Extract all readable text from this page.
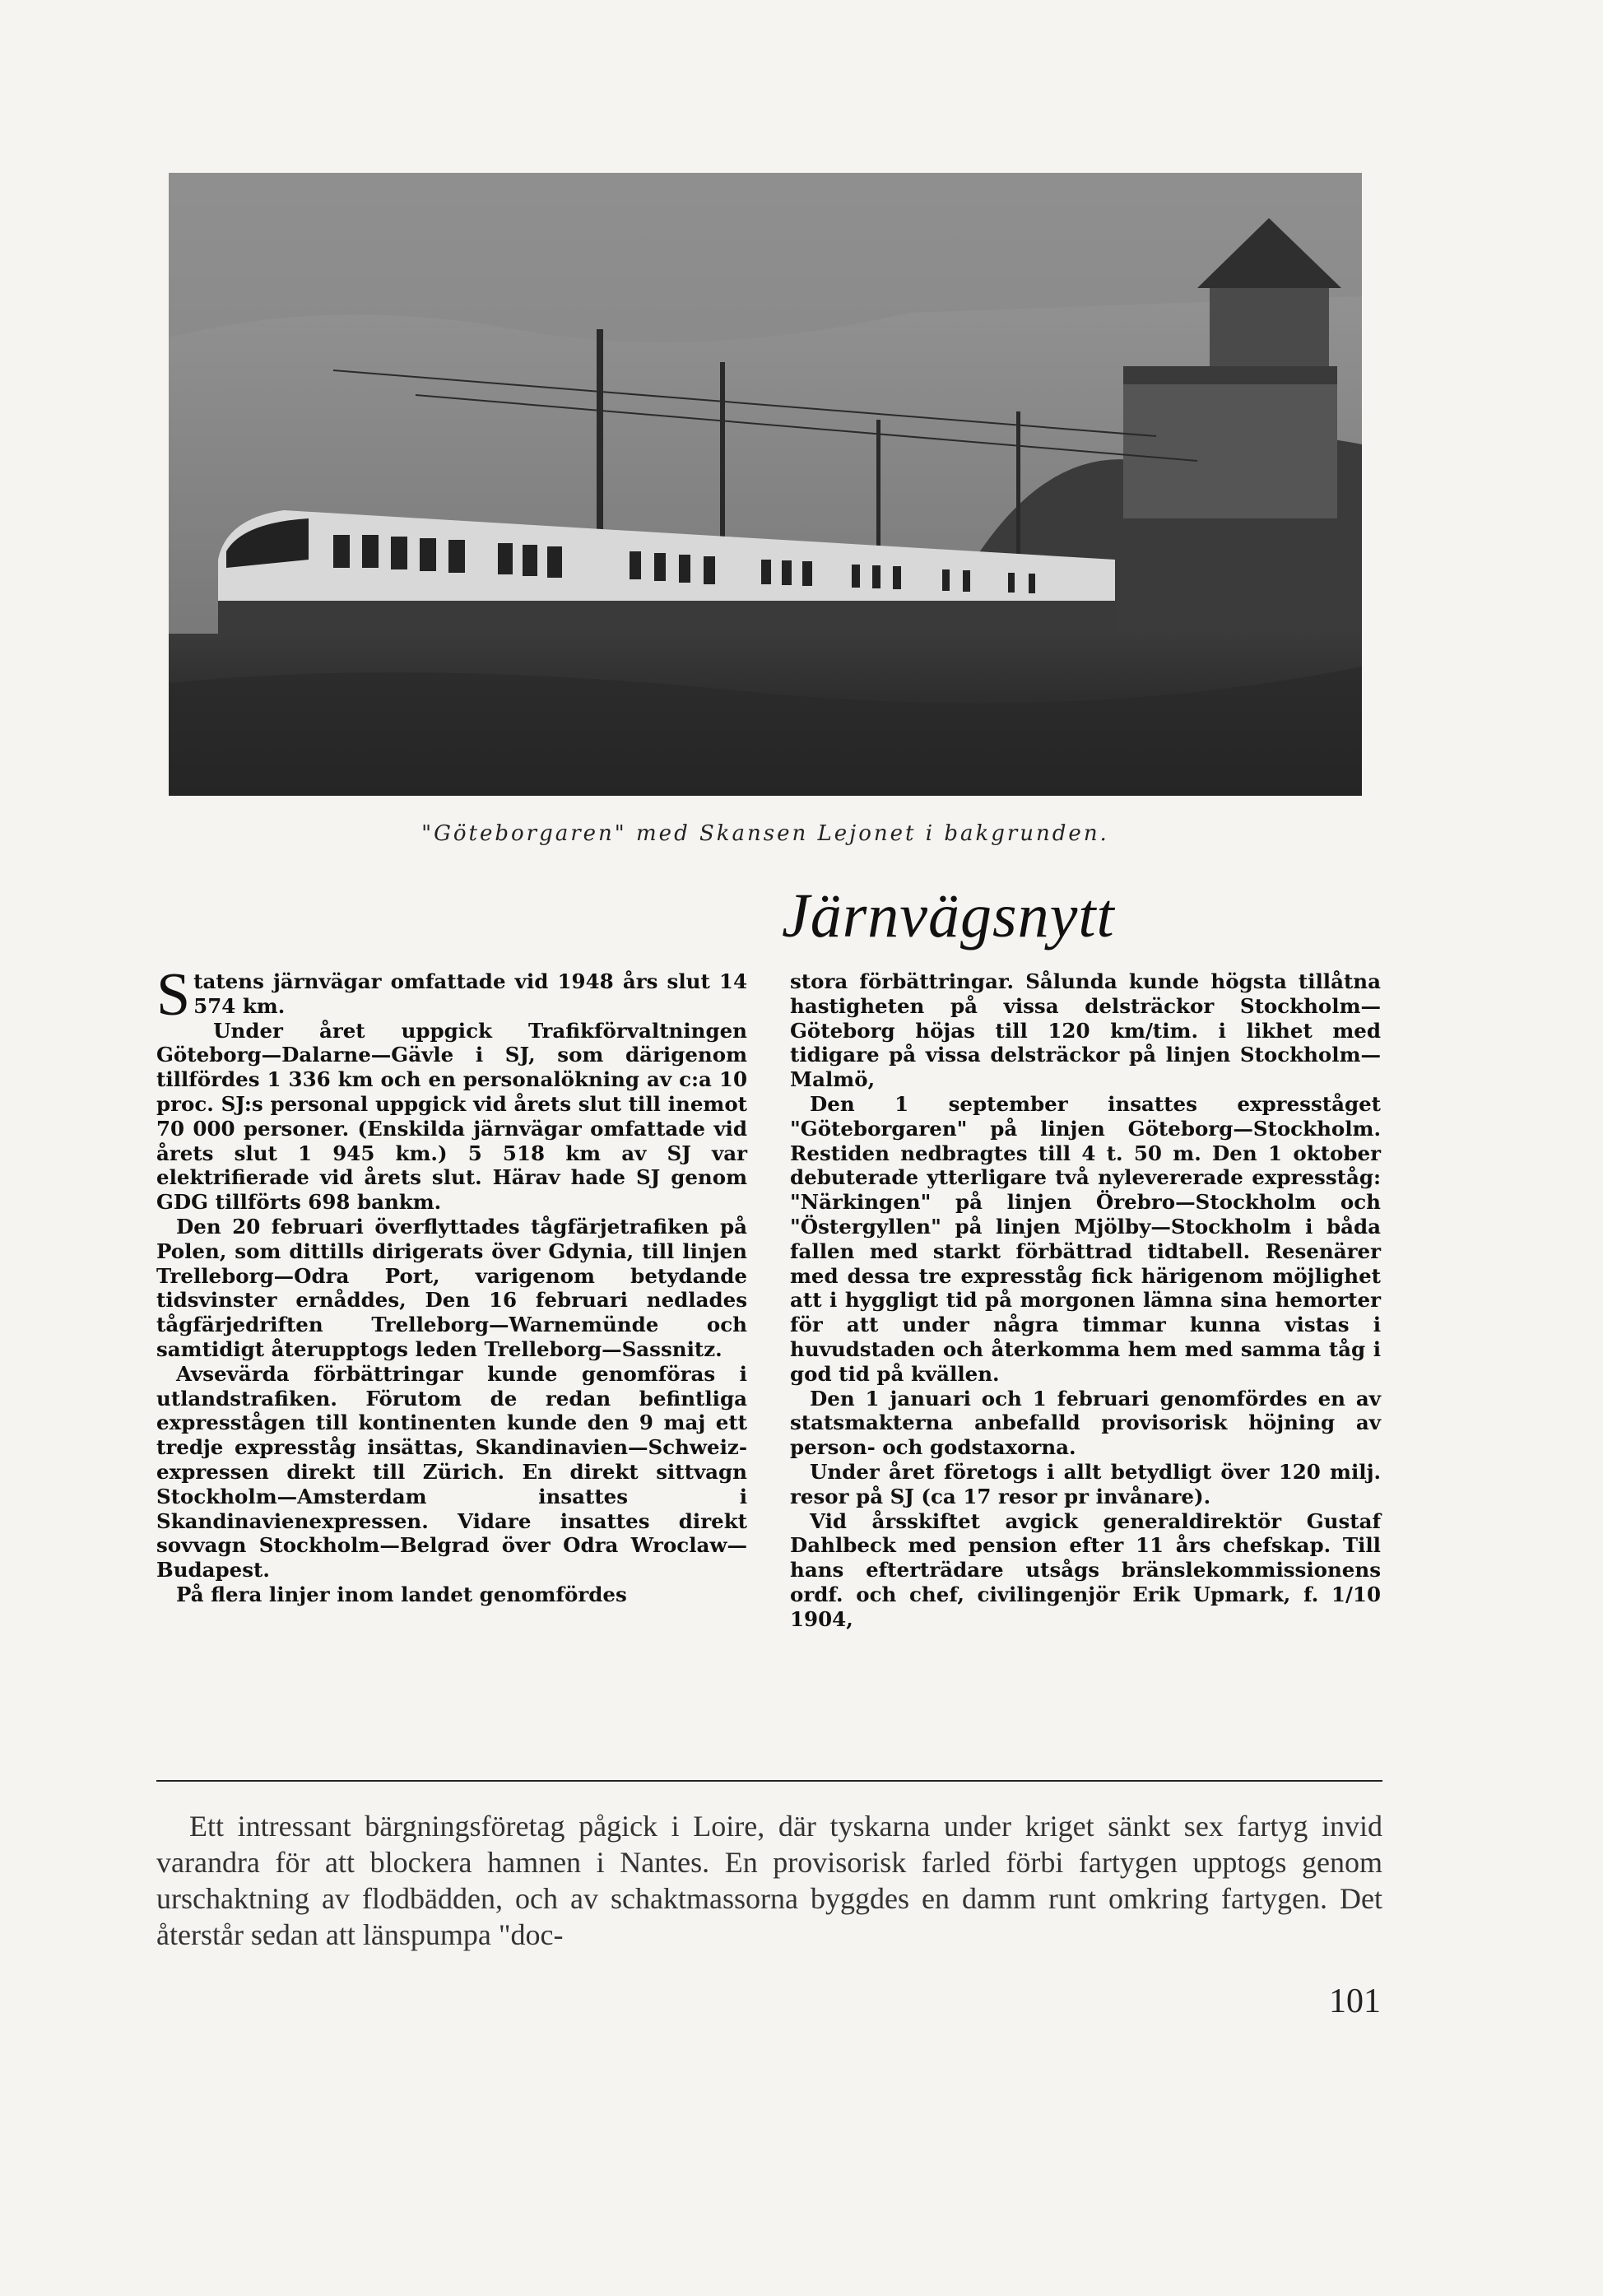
"Göteborgaren" med Skansen Lejonet i bakgrunden.
Järnvägsnytt

Statens järnvägar omfattade vid 1948 års slut 14 574 km.

Under året uppgick Trafikförvaltningen Göteborg—Dalarne—Gävle i SJ, som därigenom tillfördes 1 336 km och en personalökning av c:a 10 proc. SJ:s personal uppgick vid årets slut till inemot 70 000 personer. (Enskilda järnvägar omfattade vid årets slut 1 945 km.) 5 518 km av SJ var elektrifierade vid årets slut. Härav hade SJ genom GDG tillförts 698 bankm.

Den 20 februari överflyttades tågfärjetrafiken på Polen, som dittills dirigerats över Gdynia, till linjen Trelleborg—Odra Port, varigenom betydande tidsvinster ernåddes, Den 16 februari nedlades tågfärjedriften Trelleborg—Warnemünde och samtidigt återupptogs leden Trelleborg—Sassnitz.

Avsevärda förbättringar kunde genomföras i utlandstrafiken. Förutom de redan befintliga expresstågen till kontinenten kunde den 9 maj ett tredje expresståg insättas, Skandinavien—Schweiz-expressen direkt till Zürich. En direkt sittvagn Stockholm—Amsterdam insattes i Skandinavienexpressen. Vidare insattes direkt sovvagn Stockholm—Belgrad över Odra Wroclaw—Budapest.

På flera linjer inom landet genomfördes

stora förbättringar. Sålunda kunde högsta tillåtna hastigheten på vissa delsträckor Stockholm—Göteborg höjas till 120 km/tim. i likhet med tidigare på vissa delsträckor på linjen Stockholm—Malmö,

Den 1 september insattes expresståget "Göteborgaren" på linjen Göteborg—Stockholm. Restiden nedbragtes till 4 t. 50 m. Den 1 oktober debuterade ytterligare två nylevererade expresståg: "Närkingen" på linjen Örebro—Stockholm och "Östergyllen" på linjen Mjölby—Stockholm i båda fallen med starkt förbättrad tidtabell. Resenärer med dessa tre expresståg fick härigenom möjlighet att i hyggligt tid på morgonen lämna sina hemorter för att under några timmar kunna vistas i huvudstaden och återkomma hem med samma tåg i god tid på kvällen.

Den 1 januari och 1 februari genomfördes en av statsmakterna anbefalld provisorisk höjning av person- och godstaxorna.

Under året företogs i allt betydligt över 120 milj. resor på SJ (ca 17 resor pr invånare).

Vid årsskiftet avgick generaldirektör Gustaf Dahlbeck med pension efter 11 års chefskap. Till hans efterträdare utsågs bränslekommissionens ordf. och chef, civilingenjör Erik Upmark, f. 1/10 1904,

Ett intressant bärgningsföretag pågick i Loire, där tyskarna under kriget sänkt sex fartyg invid varandra för att blockera hamnen i Nantes. En provisorisk farled förbi fartygen upptogs genom urschaktning av flodbädden, och av schaktmassorna byggdes en damm runt omkring fartygen. Det återstår sedan att länspumpa "doc-

101
